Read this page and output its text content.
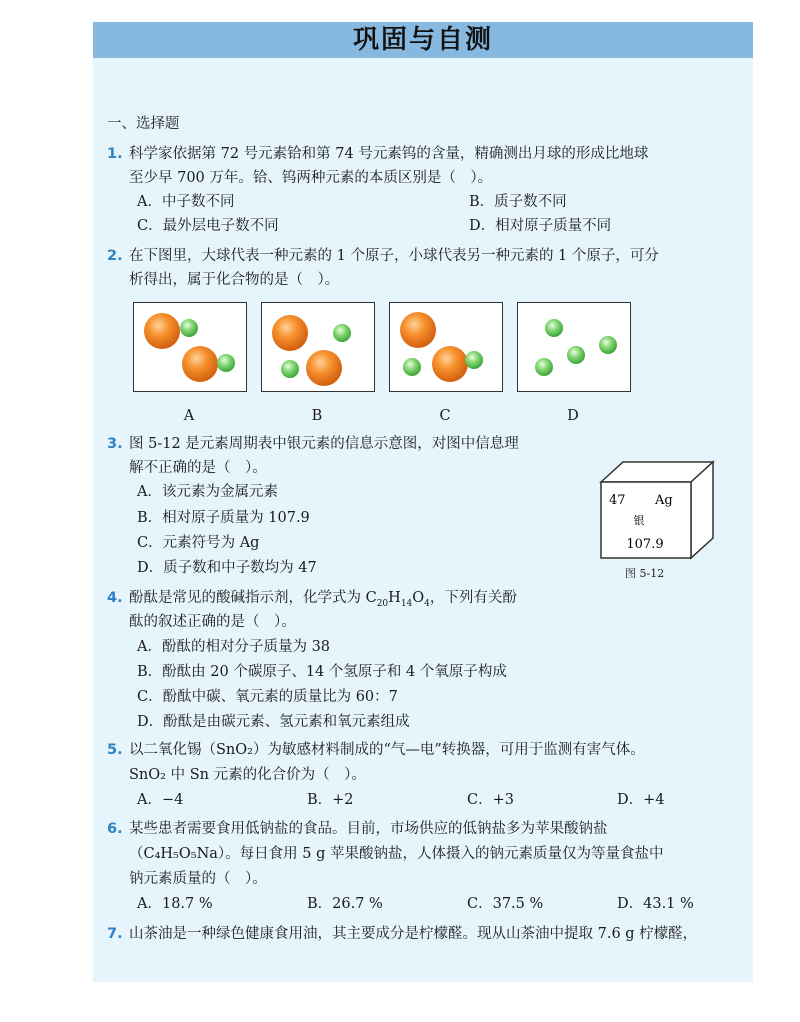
巩固与自测
一、选择题
1. 科学家依据第 72 号元素铪和第 74 号元素钨的含量，精确测出月球的形成比地球
至少早 700 万年。铪、钨两种元素的本质区别是（　）。
A．中子数不同	B．质子数不同
C．最外层电子数不同	D．相对原子质量不同
2. 在下图里，大球代表一种元素的 1 个原子，小球代表另一种元素的 1 个原子，可分
析得出，属于化合物的是（　）。
A	B	C	D
3. 图 5-12 是元素周期表中银元素的信息示意图，对图中信息理
解不正确的是（　）。
A．该元素为金属元素
B．相对原子质量为 107.9
C．元素符号为 Ag
D．质子数和中子数均为 47
47 Ag
银
107.9
图 5-12
4. 酚酞是常见的酸碱指示剂，化学式为 $C_{20}H_{14}O_4$，下列有关酚
酞的叙述正确的是（　）。
A．酚酞的相对分子质量为 38
B．酚酞由 20 个碳原子、14 个氢原子和 4 个氧原子构成
C．酚酞中碳、氧元素的质量比为 60：7
D．酚酞是由碳元素、氢元素和氧元素组成
5. 以二氧化锡（SnO₂）为敏感材料制成的“气—电”转换器，可用于监测有害气体。
SnO₂ 中 Sn 元素的化合价为（　）。
A．−4	B．+2	C．+3	D．+4
6. 某些患者需要食用低钠盐的食品。目前，市场供应的低钠盐多为苹果酸钠盐
（C₄H₅O₅Na）。每日食用 5 g 苹果酸钠盐，人体摄入的钠元素质量仅为等量食盐中
钠元素质量的（　）。
A．18.7 %	B．26.7 %	C．37.5 %	D．43.1 %
7. 山茶油是一种绿色健康食用油，其主要成分是柠檬醛。现从山茶油中提取 7.6 g 柠檬醛，
